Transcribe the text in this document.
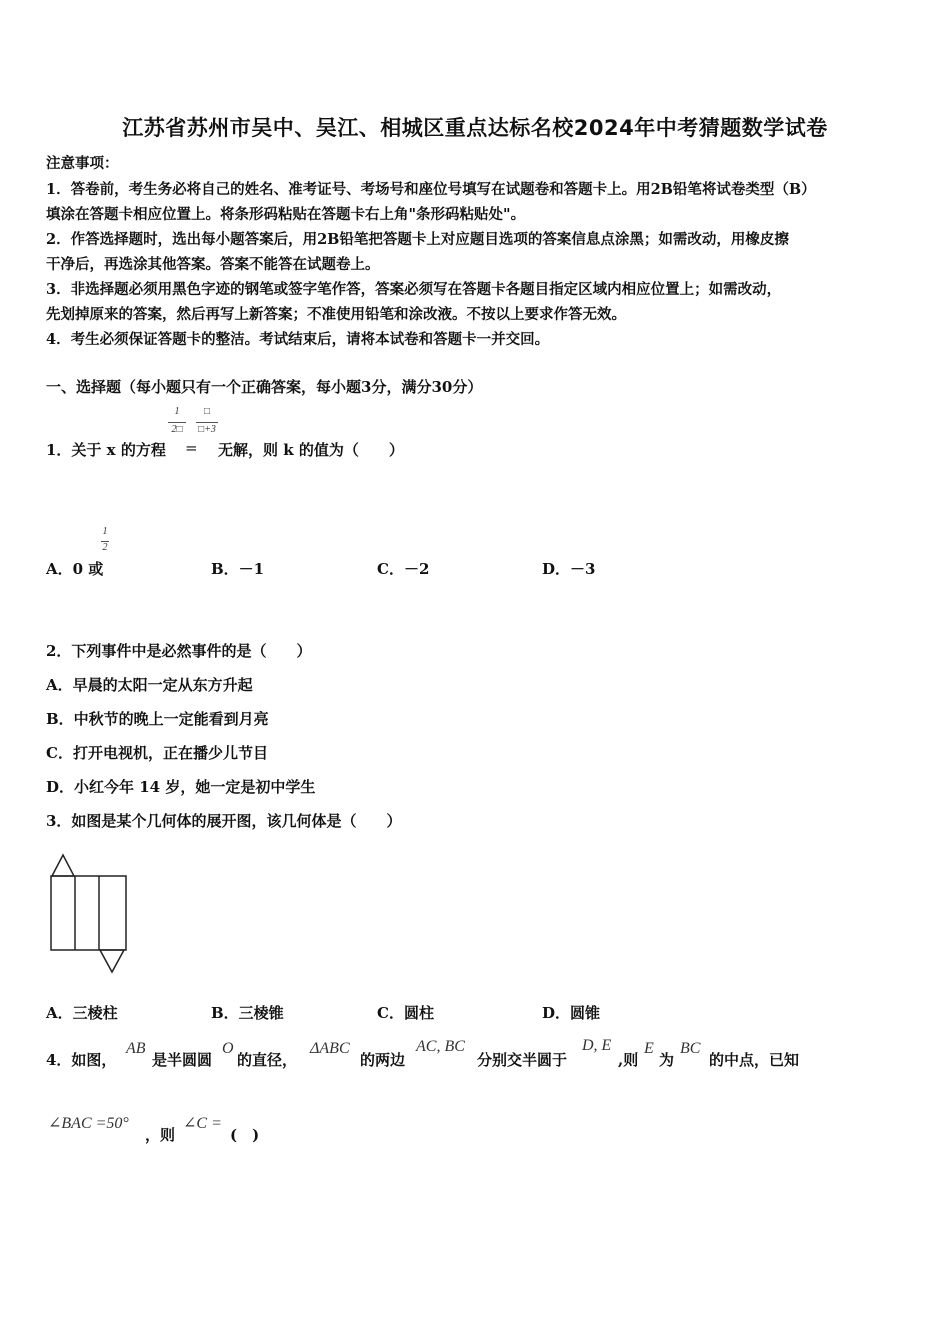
江苏省苏州市吴中、吴江、相城区重点达标名校2024年中考猜题数学试卷
注意事项：
1．答卷前，考生务必将自己的姓名、准考证号、考场号和座位号填写在试题卷和答题卡上。用2B铅笔将试卷类型（B）
填涂在答题卡相应位置上。将条形码粘贴在答题卡右上角"条形码粘贴处"。
2．作答选择题时，选出每小题答案后，用2B铅笔把答题卡上对应题目选项的答案信息点涂黑；如需改动，用橡皮擦
干净后，再选涂其他答案。答案不能答在试题卷上。
3．非选择题必须用黑色字迹的钢笔或签字笔作答，答案必须写在答题卡各题目指定区域内相应位置上；如需改动，
先划掉原来的答案，然后再写上新答案；不准使用铅笔和涂改液。不按以上要求作答无效。
4．考生必须保证答题卡的整洁。考试结束后，请将本试卷和答题卡一并交回。
一、选择题（每小题只有一个正确答案，每小题3分，满分30分）
1．关于 x 的方程
1
2□
=
□
□+3
无解，则 k 的值为（　　）
A．0 或
1
2
B．－1	C．－2	D．－3
2．下列事件中是必然事件的是（　　）
A．早晨的太阳一定从东方升起
B．中秋节的晚上一定能看到月亮
C．打开电视机，正在播少儿节目
D．小红今年 14 岁，她一定是初中学生
3．如图是某个几何体的展开图，该几何体是（　　）
A．三棱柱	B．三棱锥	C．圆柱	D．圆锥
4．如图，
AB
是半圆圆
O
的直径，
ΔABC
的两边
AC, BC
分别交半圆于
D, E
,则
E
为
BC
的中点，已知
∠BAC =50°
，则
∠C =
(　)
